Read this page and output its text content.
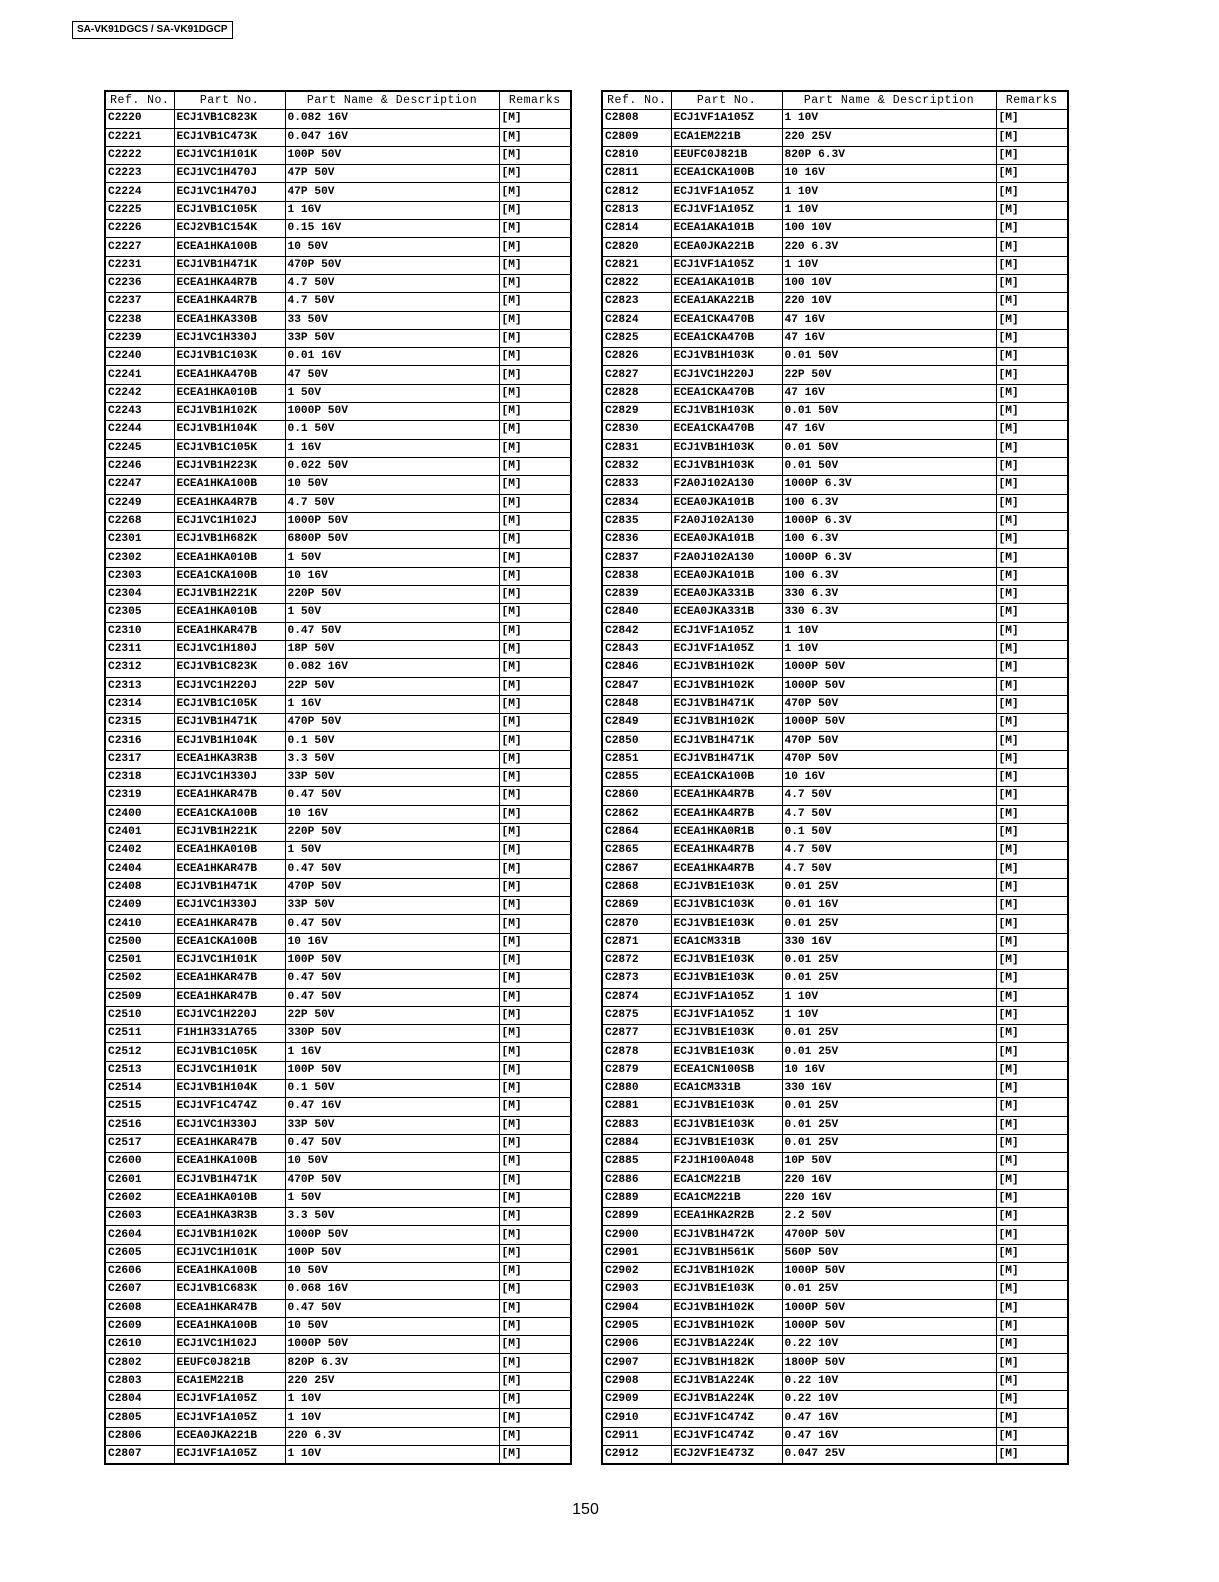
SA-VK91DGCS / SA-VK91DGCP
Ref. No.	Part No.	Part Name & Description	Remarks
C2220	ECJ1VB1C823K	0.082 16V	[M]
C2221	ECJ1VB1C473K	0.047 16V	[M]
C2222	ECJ1VC1H101K	100P 50V	[M]
C2223	ECJ1VC1H470J	47P 50V	[M]
C2224	ECJ1VC1H470J	47P 50V	[M]
C2225	ECJ1VB1C105K	1 16V	[M]
C2226	ECJ2VB1C154K	0.15 16V	[M]
C2227	ECEA1HKA100B	10 50V	[M]
C2231	ECJ1VB1H471K	470P 50V	[M]
C2236	ECEA1HKA4R7B	4.7 50V	[M]
C2237	ECEA1HKA4R7B	4.7 50V	[M]
C2238	ECEA1HKA330B	33 50V	[M]
C2239	ECJ1VC1H330J	33P 50V	[M]
C2240	ECJ1VB1C103K	0.01 16V	[M]
C2241	ECEA1HKA470B	47 50V	[M]
C2242	ECEA1HKA010B	1 50V	[M]
C2243	ECJ1VB1H102K	1000P 50V	[M]
C2244	ECJ1VB1H104K	0.1 50V	[M]
C2245	ECJ1VB1C105K	1 16V	[M]
C2246	ECJ1VB1H223K	0.022 50V	[M]
C2247	ECEA1HKA100B	10 50V	[M]
C2249	ECEA1HKA4R7B	4.7 50V	[M]
C2268	ECJ1VC1H102J	1000P 50V	[M]
C2301	ECJ1VB1H682K	6800P 50V	[M]
C2302	ECEA1HKA010B	1 50V	[M]
C2303	ECEA1CKA100B	10 16V	[M]
C2304	ECJ1VB1H221K	220P 50V	[M]
C2305	ECEA1HKA010B	1 50V	[M]
C2310	ECEA1HKAR47B	0.47 50V	[M]
C2311	ECJ1VC1H180J	18P 50V	[M]
C2312	ECJ1VB1C823K	0.082 16V	[M]
C2313	ECJ1VC1H220J	22P 50V	[M]
C2314	ECJ1VB1C105K	1 16V	[M]
C2315	ECJ1VB1H471K	470P 50V	[M]
C2316	ECJ1VB1H104K	0.1 50V	[M]
C2317	ECEA1HKA3R3B	3.3 50V	[M]
C2318	ECJ1VC1H330J	33P 50V	[M]
C2319	ECEA1HKAR47B	0.47 50V	[M]
C2400	ECEA1CKA100B	10 16V	[M]
C2401	ECJ1VB1H221K	220P 50V	[M]
C2402	ECEA1HKA010B	1 50V	[M]
C2404	ECEA1HKAR47B	0.47 50V	[M]
C2408	ECJ1VB1H471K	470P 50V	[M]
C2409	ECJ1VC1H330J	33P 50V	[M]
C2410	ECEA1HKAR47B	0.47 50V	[M]
C2500	ECEA1CKA100B	10 16V	[M]
C2501	ECJ1VC1H101K	100P 50V	[M]
C2502	ECEA1HKAR47B	0.47 50V	[M]
C2509	ECEA1HKAR47B	0.47 50V	[M]
C2510	ECJ1VC1H220J	22P 50V	[M]
C2511	F1H1H331A765	330P 50V	[M]
C2512	ECJ1VB1C105K	1 16V	[M]
C2513	ECJ1VC1H101K	100P 50V	[M]
C2514	ECJ1VB1H104K	0.1 50V	[M]
C2515	ECJ1VF1C474Z	0.47 16V	[M]
C2516	ECJ1VC1H330J	33P 50V	[M]
C2517	ECEA1HKAR47B	0.47 50V	[M]
C2600	ECEA1HKA100B	10 50V	[M]
C2601	ECJ1VB1H471K	470P 50V	[M]
C2602	ECEA1HKA010B	1 50V	[M]
C2603	ECEA1HKA3R3B	3.3 50V	[M]
C2604	ECJ1VB1H102K	1000P 50V	[M]
C2605	ECJ1VC1H101K	100P 50V	[M]
C2606	ECEA1HKA100B	10 50V	[M]
C2607	ECJ1VB1C683K	0.068 16V	[M]
C2608	ECEA1HKAR47B	0.47 50V	[M]
C2609	ECEA1HKA100B	10 50V	[M]
C2610	ECJ1VC1H102J	1000P 50V	[M]
C2802	EEUFC0J821B	820P 6.3V	[M]
C2803	ECA1EM221B	220 25V	[M]
C2804	ECJ1VF1A105Z	1 10V	[M]
C2805	ECJ1VF1A105Z	1 10V	[M]
C2806	ECEA0JKA221B	220 6.3V	[M]
C2807	ECJ1VF1A105Z	1 10V	[M]
Ref. No.	Part No.	Part Name & Description	Remarks
C2808	ECJ1VF1A105Z	1 10V	[M]
C2809	ECA1EM221B	220 25V	[M]
C2810	EEUFC0J821B	820P 6.3V	[M]
C2811	ECEA1CKA100B	10 16V	[M]
C2812	ECJ1VF1A105Z	1 10V	[M]
C2813	ECJ1VF1A105Z	1 10V	[M]
C2814	ECEA1AKA101B	100 10V	[M]
C2820	ECEA0JKA221B	220 6.3V	[M]
C2821	ECJ1VF1A105Z	1 10V	[M]
C2822	ECEA1AKA101B	100 10V	[M]
C2823	ECEA1AKA221B	220 10V	[M]
C2824	ECEA1CKA470B	47 16V	[M]
C2825	ECEA1CKA470B	47 16V	[M]
C2826	ECJ1VB1H103K	0.01 50V	[M]
C2827	ECJ1VC1H220J	22P 50V	[M]
C2828	ECEA1CKA470B	47 16V	[M]
C2829	ECJ1VB1H103K	0.01 50V	[M]
C2830	ECEA1CKA470B	47 16V	[M]
C2831	ECJ1VB1H103K	0.01 50V	[M]
C2832	ECJ1VB1H103K	0.01 50V	[M]
C2833	F2A0J102A130	1000P 6.3V	[M]
C2834	ECEA0JKA101B	100 6.3V	[M]
C2835	F2A0J102A130	1000P 6.3V	[M]
C2836	ECEA0JKA101B	100 6.3V	[M]
C2837	F2A0J102A130	1000P 6.3V	[M]
C2838	ECEA0JKA101B	100 6.3V	[M]
C2839	ECEA0JKA331B	330 6.3V	[M]
C2840	ECEA0JKA331B	330 6.3V	[M]
C2842	ECJ1VF1A105Z	1 10V	[M]
C2843	ECJ1VF1A105Z	1 10V	[M]
C2846	ECJ1VB1H102K	1000P 50V	[M]
C2847	ECJ1VB1H102K	1000P 50V	[M]
C2848	ECJ1VB1H471K	470P 50V	[M]
C2849	ECJ1VB1H102K	1000P 50V	[M]
C2850	ECJ1VB1H471K	470P 50V	[M]
C2851	ECJ1VB1H471K	470P 50V	[M]
C2855	ECEA1CKA100B	10 16V	[M]
C2860	ECEA1HKA4R7B	4.7 50V	[M]
C2862	ECEA1HKA4R7B	4.7 50V	[M]
C2864	ECEA1HKA0R1B	0.1 50V	[M]
C2865	ECEA1HKA4R7B	4.7 50V	[M]
C2867	ECEA1HKA4R7B	4.7 50V	[M]
C2868	ECJ1VB1E103K	0.01 25V	[M]
C2869	ECJ1VB1C103K	0.01 16V	[M]
C2870	ECJ1VB1E103K	0.01 25V	[M]
C2871	ECA1CM331B	330 16V	[M]
C2872	ECJ1VB1E103K	0.01 25V	[M]
C2873	ECJ1VB1E103K	0.01 25V	[M]
C2874	ECJ1VF1A105Z	1 10V	[M]
C2875	ECJ1VF1A105Z	1 10V	[M]
C2877	ECJ1VB1E103K	0.01 25V	[M]
C2878	ECJ1VB1E103K	0.01 25V	[M]
C2879	ECEA1CN100SB	10 16V	[M]
C2880	ECA1CM331B	330 16V	[M]
C2881	ECJ1VB1E103K	0.01 25V	[M]
C2883	ECJ1VB1E103K	0.01 25V	[M]
C2884	ECJ1VB1E103K	0.01 25V	[M]
C2885	F2J1H100A048	10P 50V	[M]
C2886	ECA1CM221B	220 16V	[M]
C2889	ECA1CM221B	220 16V	[M]
C2899	ECEA1HKA2R2B	2.2 50V	[M]
C2900	ECJ1VB1H472K	4700P 50V	[M]
C2901	ECJ1VB1H561K	560P 50V	[M]
C2902	ECJ1VB1H102K	1000P 50V	[M]
C2903	ECJ1VB1E103K	0.01 25V	[M]
C2904	ECJ1VB1H102K	1000P 50V	[M]
C2905	ECJ1VB1H102K	1000P 50V	[M]
C2906	ECJ1VB1A224K	0.22 10V	[M]
C2907	ECJ1VB1H182K	1800P 50V	[M]
C2908	ECJ1VB1A224K	0.22 10V	[M]
C2909	ECJ1VB1A224K	0.22 10V	[M]
C2910	ECJ1VF1C474Z	0.47 16V	[M]
C2911	ECJ1VF1C474Z	0.47 16V	[M]
C2912	ECJ2VF1E473Z	0.047 25V	[M]
150
